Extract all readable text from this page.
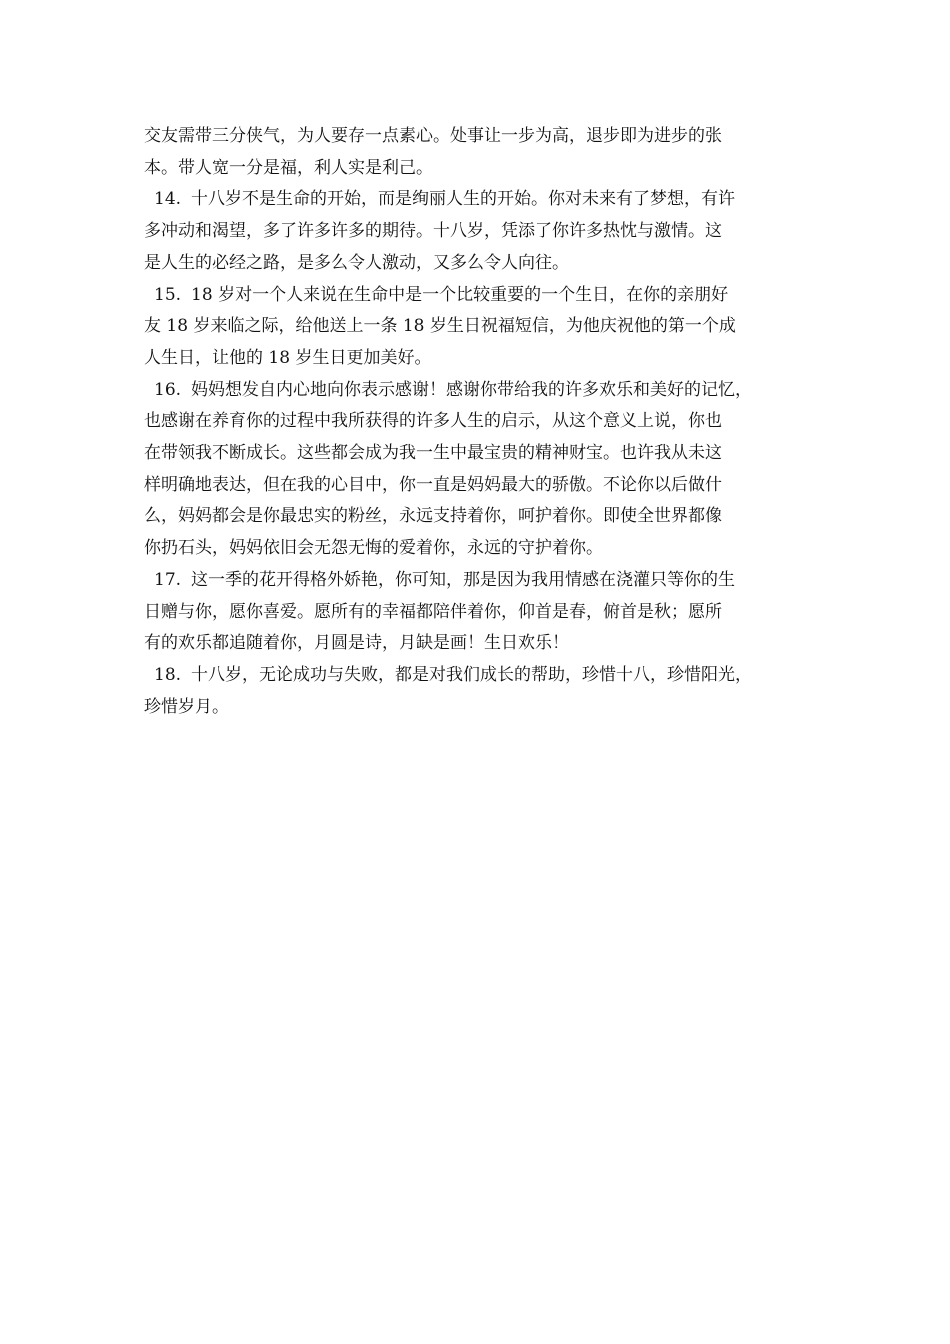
交友需带三分侠气，为人要存一点素心。处事让一步为高，退步即为进步的张
本。带人宽一分是福，利人实是利己。
14. 十八岁不是生命的开始，而是绚丽人生的开始。你对未来有了梦想，有许
多冲动和渴望，多了许多许多的期待。十八岁，凭添了你许多热忱与激情。这
是人生的必经之路，是多么令人激动，又多么令人向往。
15. 18 岁对一个人来说在生命中是一个比较重要的一个生日，在你的亲朋好
友 18 岁来临之际，给他送上一条 18 岁生日祝福短信，为他庆祝他的第一个成
人生日，让他的 18 岁生日更加美好。
16. 妈妈想发自内心地向你表示感谢！感谢你带给我的许多欢乐和美好的记忆，
也感谢在养育你的过程中我所获得的许多人生的启示，从这个意义上说，你也
在带领我不断成长。这些都会成为我一生中最宝贵的精神财宝。也许我从未这
样明确地表达，但在我的心目中，你一直是妈妈最大的骄傲。不论你以后做什
么，妈妈都会是你最忠实的粉丝，永远支持着你，呵护着你。即使全世界都像
你扔石头，妈妈依旧会无怨无悔的爱着你，永远的守护着你。
17. 这一季的花开得格外娇艳，你可知，那是因为我用情感在浇灌只等你的生
日赠与你，愿你喜爱。愿所有的幸福都陪伴着你，仰首是春，俯首是秋；愿所
有的欢乐都追随着你，月圆是诗，月缺是画！生日欢乐！
18. 十八岁，无论成功与失败，都是对我们成长的帮助，珍惜十八，珍惜阳光，
珍惜岁月。
